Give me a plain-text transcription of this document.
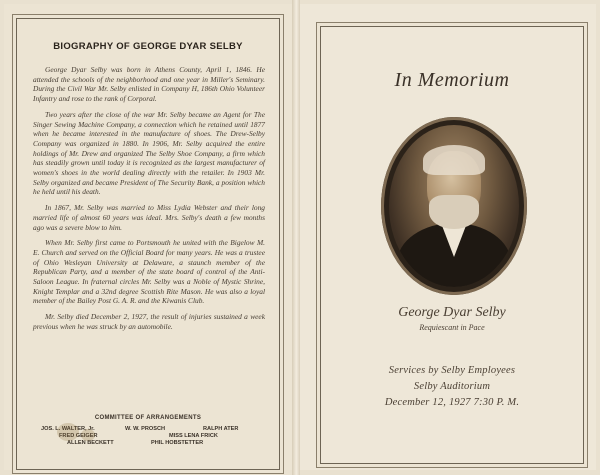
BIOGRAPHY OF GEORGE DYAR SELBY

George Dyar Selby was born in Athens County, April 1, 1846. He attended the schools of the neighborhood and one year in Miller's Seminary. During the Civil War Mr. Selby enlisted in Company H, 186th Ohio Volunteer Infantry and rose to the rank of Corporal.

Two years after the close of the war Mr. Selby became an Agent for The Singer Sewing Machine Company, a connection which he retained until 1877 when he became interested in the manufacture of shoes. The Drew-Selby Company was organized in 1880. In 1906, Mr. Selby acquired the entire holdings of Mr. Drew and organized The Selby Shoe Company, a firm which has steadily grown until today it is recognized as the largest manufacturer of women's shoes in the world dealing directly with the retailer. In 1903 Mr. Selby organized and became President of The Security Bank, a position which he held until his death.

In 1867, Mr. Selby was married to Miss Lydia Webster and their long married life of almost 60 years was ideal. Mrs. Selby's death a few months ago was a severe blow to him.

When Mr. Selby first came to Portsmouth he united with the Bigelow M. E. Church and served on the Official Board for many years. He was a trustee of Ohio Wesleyan University at Delaware, a staunch member of the Republican Party, and a member of the state board of control of the Anti-Saloon League. In fraternal circles Mr. Selby was a Noble of Mystic Shrine, Knight Templar and a 32nd degree Scottish Rite Mason. He was also a loyal member of the Bailey Post G. A. R. and the Kiwanis Club.

Mr. Selby died December 2, 1927, the result of injuries sustained a week previous when he was struck by an automobile.

COMMITTEE OF ARRANGEMENTS
JOS. L. WALTER, Jr.	W. W. PROSCH	RALPH ATER
FRED GEIGER	MISS LENA FRICK
ALLEN BECKETT	PHIL HOBSTETTER
In Memorium
George Dyar Selby
Requiescant in Pace
Services by Selby Employees
Selby Auditorium
December 12, 1927 7:30 P. M.
